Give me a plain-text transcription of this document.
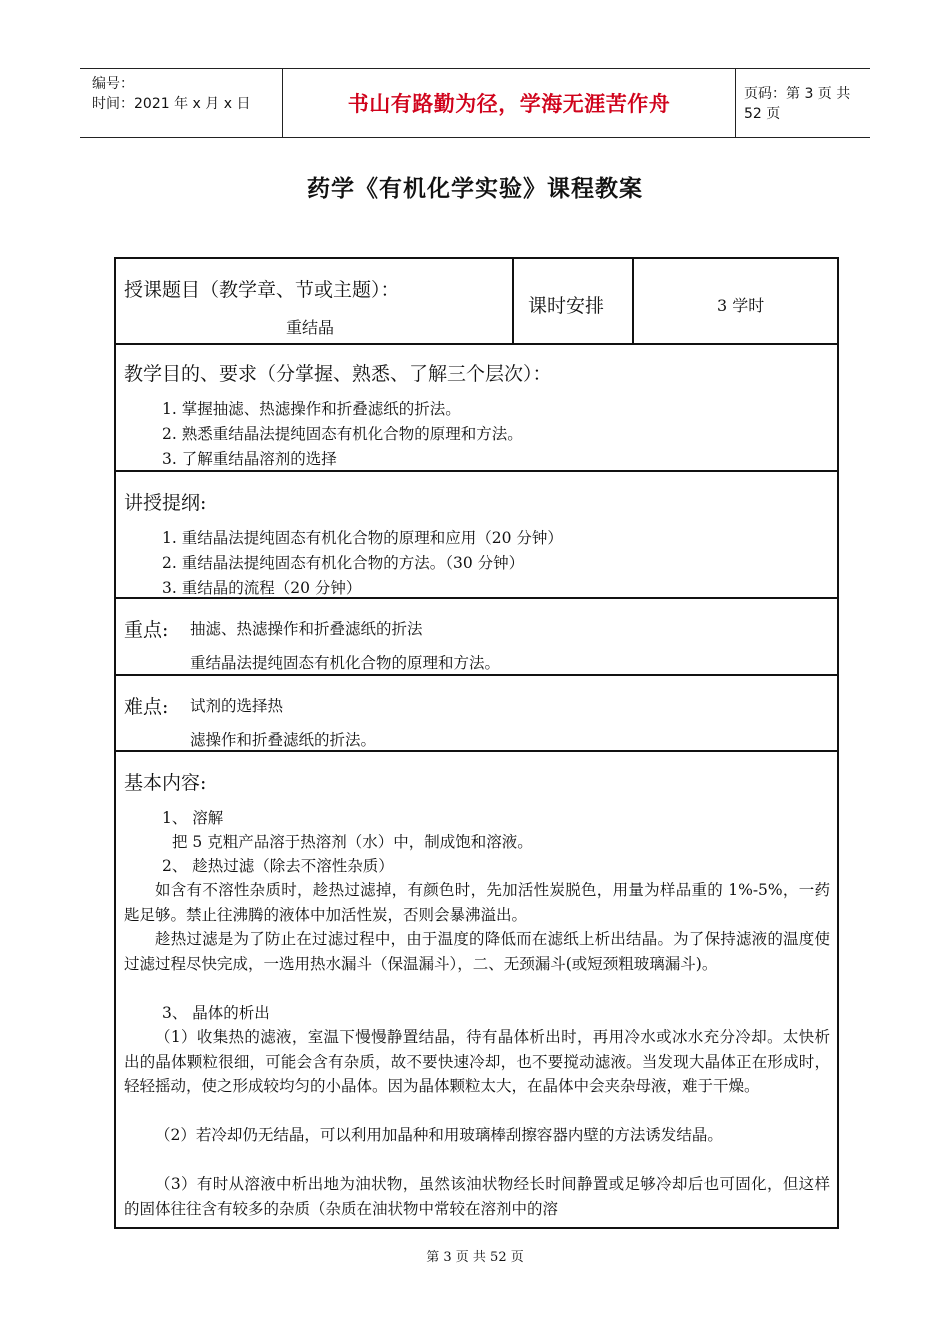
编号：
时间：2021 年 x 月 x 日	书山有路勤为径，学海无涯苦作舟	页码：第 3 页 共 52 页
药学《有机化学实验》课程教案
授课题目（教学章、节或主题）：
重结晶
课时安排	3 学时
教学目的、要求（分掌握、熟悉、了解三个层次）：
1. 掌握抽滤、热滤操作和折叠滤纸的折法。
2. 熟悉重结晶法提纯固态有机化合物的原理和方法。
3. 了解重结晶溶剂的选择
讲授提纲:
1. 重结晶法提纯固态有机化合物的原理和应用（20 分钟）
2. 重结晶法提纯固态有机化合物的方法。（30 分钟）
3. 重结晶的流程（20 分钟）
重点: 抽滤、热滤操作和折叠滤纸的折法
重结晶法提纯固态有机化合物的原理和方法。
难点: 试剂的选择热
滤操作和折叠滤纸的折法。
基本内容:
1、 溶解
把 5 克粗产品溶于热溶剂（水）中，制成饱和溶液。
2、 趁热过滤（除去不溶性杂质）
如含有不溶性杂质时，趁热过滤掉，有颜色时，先加活性炭脱色，用量为样品重的 1%-5%，一药匙足够。禁止往沸腾的液体中加活性炭，否则会暴沸溢出。
趁热过滤是为了防止在过滤过程中，由于温度的降低而在滤纸上析出结晶。为了保持滤液的温度使过滤过程尽快完成，一选用热水漏斗（保温漏斗），二、无颈漏斗(或短颈粗玻璃漏斗)。
3、 晶体的析出
（1）收集热的滤液，室温下慢慢静置结晶，待有晶体析出时，再用冷水或冰水充分冷却。太快析出的晶体颗粒很细，可能会含有杂质，故不要快速冷却，也不要搅动滤液。当发现大晶体正在形成时，轻轻摇动，使之形成较均匀的小晶体。因为晶体颗粒太大，在晶体中会夹杂母液，难于干燥。
（2）若冷却仍无结晶，可以利用加晶种和用玻璃棒刮擦容器内壁的方法诱发结晶。
（3）有时从溶液中析出地为油状物，虽然该油状物经长时间静置或足够冷却后也可固化，但这样的固体往往含有较多的杂质（杂质在油状物中常较在溶剂中的溶
第 3 页 共 52 页
